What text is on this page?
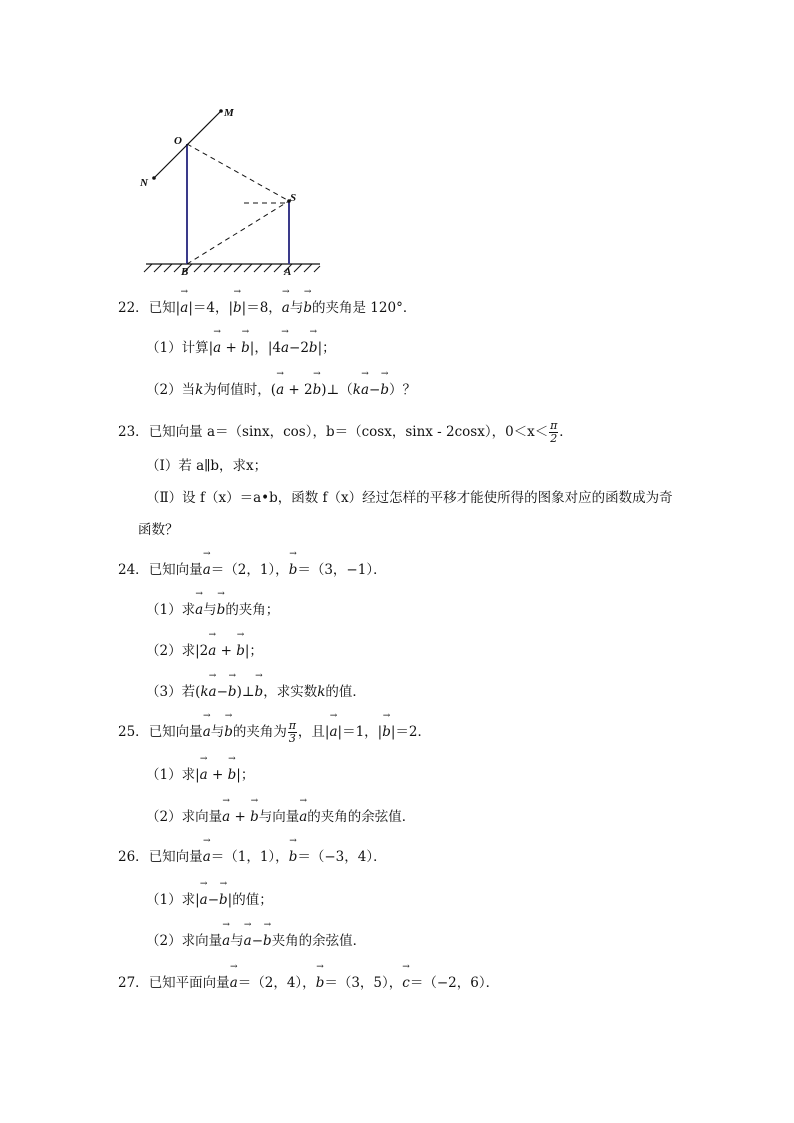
O
M
N
S
B	A
22．已知|→ a|＝4，|→ b|＝8，→ a与→ b的夹角是 120°．
（1）计算|→ a + → b|，|4→ a−2→ b|；
（2）当k为何值时，(→ a + 2→ b)⊥（k→ a−→ b）？
23．已知向量 a＝（sinx，cos），b＝（cosx，sinx - 2cosx），$0<x< \frac{\pi}{2}$ ．
（Ⅰ）若 a∥b，求x；
（Ⅱ）设 f（x）＝a•b，函数 f（x）经过怎样的平移才能使所得的图象对应的函数成为奇
函数？
24．已知向量→ a＝（2，1），→ b＝（3，−1）．
（1）求→ a与→ b的夹角；
（2）求|2→ a + → b|；
（3）若(k→ a−→ b)⊥→ b，求实数k的值．
25．已知向量→ a与→ b的夹角为 $\frac{\pi}{3}$ ，且|→ a|＝1，|→ b|＝2．
（1）求|→ a + → b|；
（2）求向量→ a + → b与向量→ a的夹角的余弦值．
26．已知向量→ a＝（1，1），→ b＝（−3，4）．
（1）求|→ a−→ b|的值；
（2）求向量→ a与→ a−→ b夹角的余弦值．
27．已知平面向量→ a＝（2，4），→ b＝（3，5），→ c＝（−2，6）．
